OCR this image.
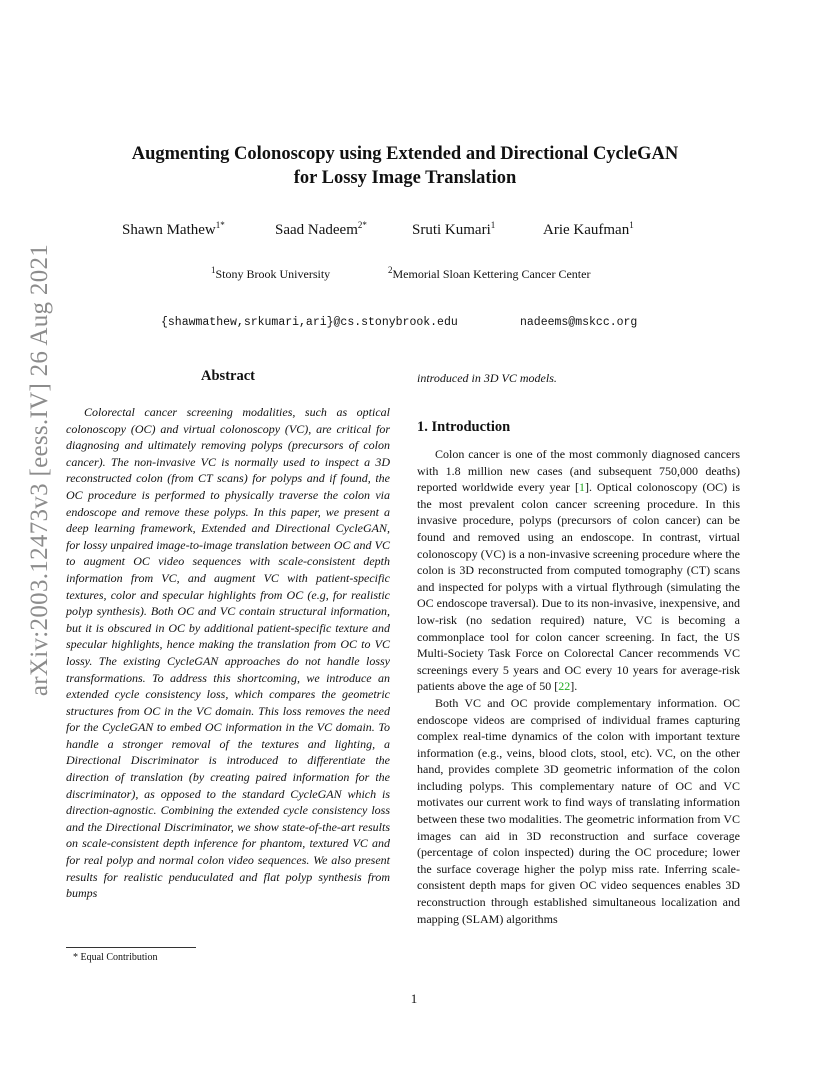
arXiv:2003.12473v3 [eess.IV] 26 Aug 2021
Augmenting Colonoscopy using Extended and Directional CycleGAN
for Lossy Image Translation
Shawn Mathew$^{1*}$	Saad Nadeem$^{2*}$	Sruti Kumari$^1$	Arie Kaufman$^1$
$^1$Stony Brook University	$^2$Memorial Sloan Kettering Cancer Center
{shawmathew,srkumari,ari}@cs.stonybrook.edu	nadeems@mskcc.org
Abstract
Colorectal cancer screening modalities, such as optical colonoscopy (OC) and virtual colonoscopy (VC), are critical for diagnosing and ultimately removing polyps (precursors of colon cancer). The non-invasive VC is normally used to inspect a 3D reconstructed colon (from CT scans) for polyps and if found, the OC procedure is performed to physically traverse the colon via endoscope and remove these polyps. In this paper, we present a deep learning framework, Extended and Directional CycleGAN, for lossy unpaired image-to-image translation between OC and VC to augment OC video sequences with scale-consistent depth information from VC, and augment VC with patient-specific textures, color and specular highlights from OC (e.g, for realistic polyp synthesis). Both OC and VC contain structural information, but it is obscured in OC by additional patient-specific texture and specular highlights, hence making the translation from OC to VC lossy. The existing CycleGAN approaches do not handle lossy transformations. To address this shortcoming, we introduce an extended cycle consistency loss, which compares the geometric structures from OC in the VC domain. This loss removes the need for the CycleGAN to embed OC information in the VC domain. To handle a stronger removal of the textures and lighting, a Directional Discriminator is introduced to differentiate the direction of translation (by creating paired information for the discriminator), as opposed to the standard CycleGAN which is direction-agnostic. Combining the extended cycle consistency loss and the Directional Discriminator, we show state-of-the-art results on scale-consistent depth inference for phantom, textured VC and for real polyp and normal colon video sequences. We also present results for realistic penduculated and flat polyp synthesis from bumps
introduced in 3D VC models.
1. Introduction

Colon cancer is one of the most commonly diagnosed cancers with 1.8 million new cases (and subsequent 750,000 deaths) reported worldwide every year [1]. Optical colonoscopy (OC) is the most prevalent colon cancer screening procedure. In this invasive procedure, polyps (precursors of colon cancer) can be found and removed using an endoscope. In contrast, virtual colonoscopy (VC) is a non-invasive screening procedure where the colon is 3D reconstructed from computed tomography (CT) scans and inspected for polyps with a virtual flythrough (simulating the OC endoscope traversal). Due to its non-invasive, inexpensive, and low-risk (no sedation required) nature, VC is becoming a commonplace tool for colon cancer screening. In fact, the US Multi-Society Task Force on Colorectal Cancer recommends VC screenings every 5 years and OC every 10 years for average-risk patients above the age of 50 [22].

Both VC and OC provide complementary information. OC endoscope videos are comprised of individual frames capturing complex real-time dynamics of the colon with important texture information (e.g., veins, blood clots, stool, etc). VC, on the other hand, provides complete 3D geometric information of the colon including polyps. This complementary nature of OC and VC motivates our current work to find ways of translating information between these two modalities. The geometric information from VC images can aid in 3D reconstruction and surface coverage (percentage of colon inspected) during the OC procedure; lower the surface coverage higher the polyp miss rate. Inferring scale-consistent depth maps for given OC video sequences enables 3D reconstruction through established simultaneous localization and mapping (SLAM) algorithms

* Equal Contribution
1
